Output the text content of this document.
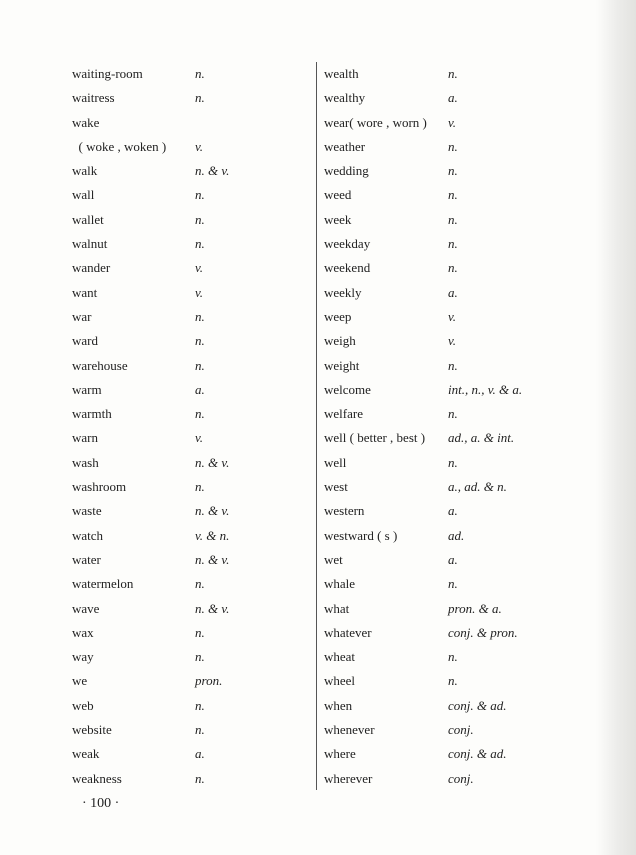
waiting-room	n.
waitress	n.
wake
( woke , woken ) v.
walk	n. & v.
wall	n.
wallet	n.
walnut	n.
wander	v.
want	v.
war	n.
ward	n.
warehouse	n.
warm	a.
warmth	n.
warn	v.
wash	n. & v.
washroom	n.
waste	n. & v.
watch	v. & n.
water	n. & v.
watermelon	n.
wave	n. & v.
wax	n.
way	n.
we	pron.
web	n.
website	n.
weak	a.
weakness	n.
wealth	n.
wealthy	a.
wear( wore , worn ) v.
weather	n.
wedding	n.
weed	n.
week	n.
weekday	n.
weekend	n.
weekly	a.
weep	v.
weigh	v.
weight	n.
welcome	int., n., v. & a.
welfare	n.
well ( better , best ) ad., a. & int.
well	n.
west	a., ad. & n.
western	a.
westward ( s )	ad.
wet	a.
whale	n.
what	pron. & a.
whatever	conj. & pron.
wheat	n.
wheel	n.
when	conj. & ad.
whenever	conj.
where	conj. & ad.
wherever	conj.
· 100 ·
